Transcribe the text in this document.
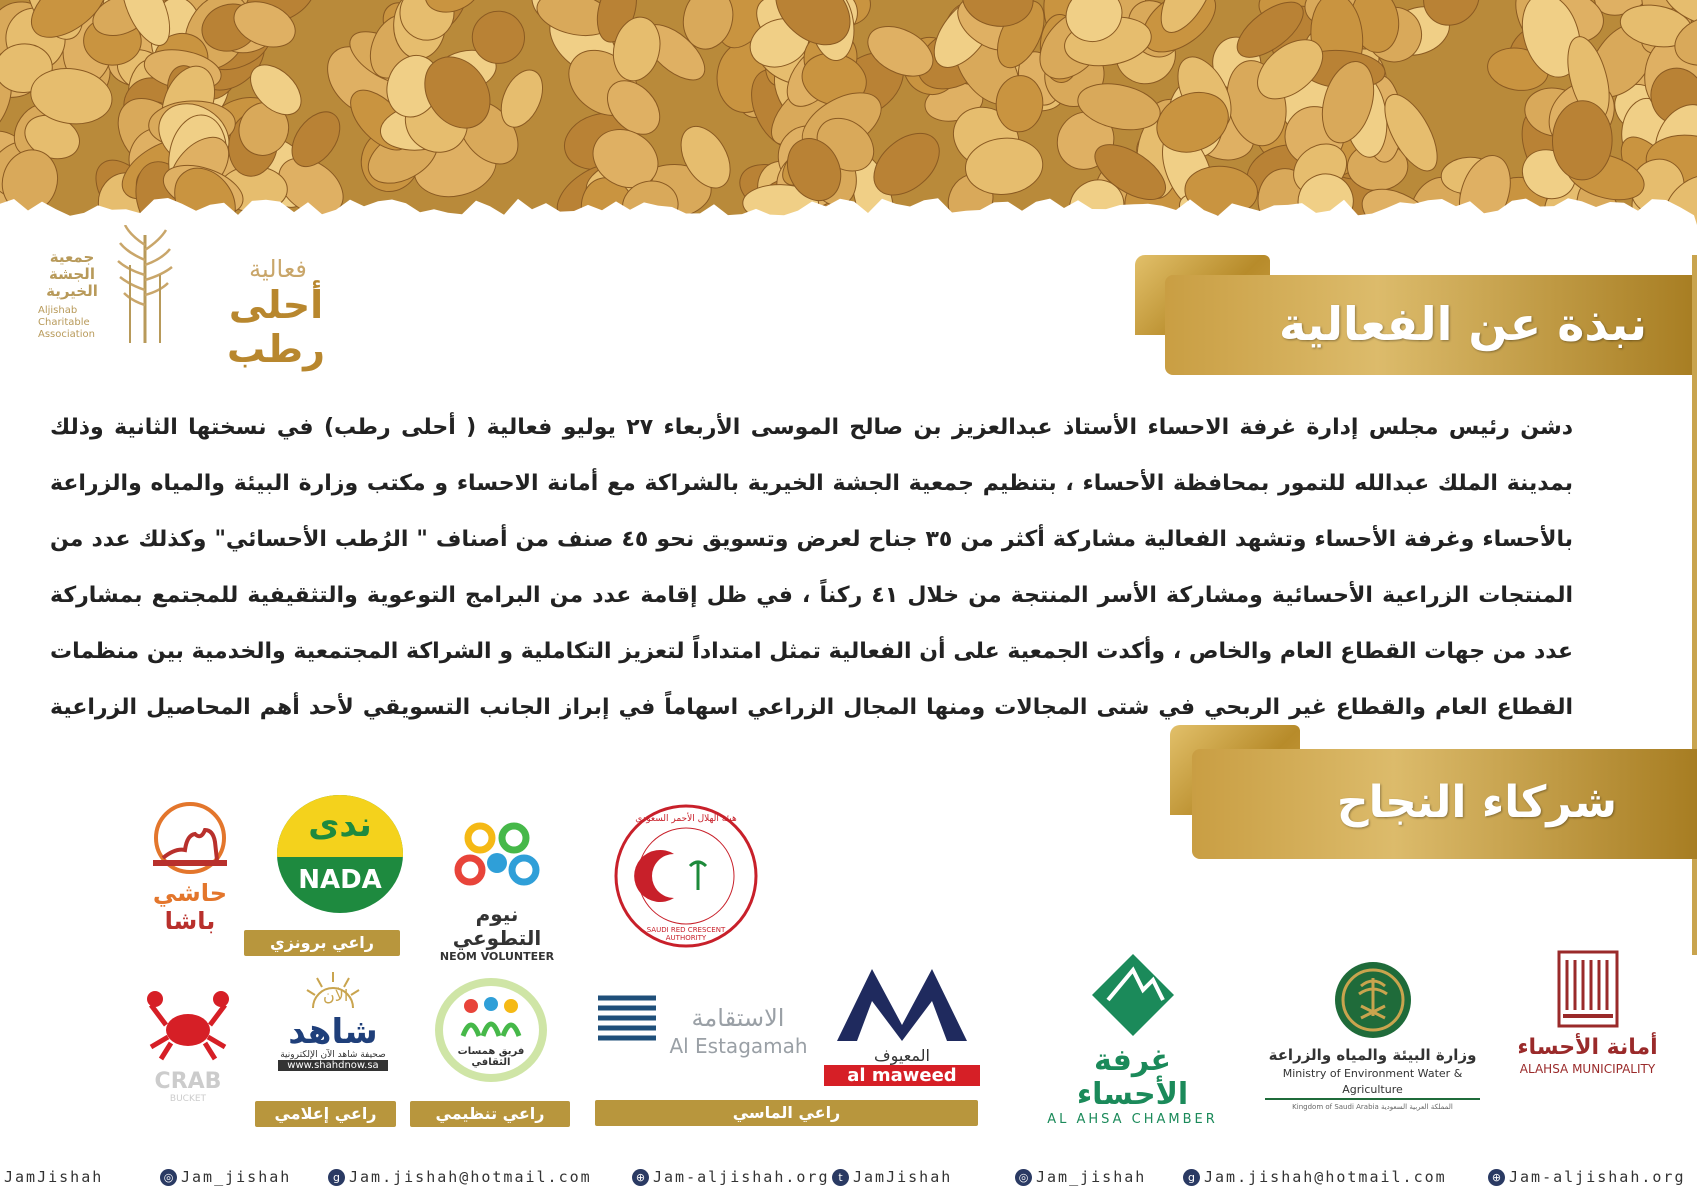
جمعية الجشة الخيرية
Aljishab Charitable Association
فعالية
أحلى رطب	نبذة عن الفعالية
دشن رئيس مجلس إدارة غرفة الاحساء الأستاذ عبدالعزيز بن صالح الموسى الأربعاء ٢٧ يوليو فعالية ( أحلى رطب) في نسختها الثانية وذلك بمدينة الملك عبدالله للتمور بمحافظة الأحساء ، بتنظيم جمعية الجشة الخيرية بالشراكة مع أمانة الاحساء و مكتب وزارة البيئة والمياه والزراعة بالأحساء وغرفة الأحساء وتشهد الفعالية مشاركة أكثر من ٣٥ جناح لعرض وتسويق نحو ٤٥ صنف من أصناف " الرُطب الأحسائي" وكذلك عدد من المنتجات الزراعية الأحسائية ومشاركة الأسر المنتجة من خلال ٤١ ركناً ، في ظل إقامة عدد من البرامج التوعوية والتثقيفية للمجتمع بمشاركة عدد من جهات القطاع العام والخاص ، وأكدت الجمعية على أن الفعالية تمثل امتداداً لتعزيز التكاملية و الشراكة المجتمعية والخدمية بين منظمات القطاع العام والقطاع غير الربحي في شتى المجالات ومنها المجال الزراعي اسهاماً في إبراز الجانب التسويقي لأحد أهم المحاصيل الزراعية
شركاء النجاح
حاشي
باشا
ندى
NADA
راعي برونزي
نيوم التطوعي
NEOM VOLUNTEER
هيئة الهلال الأحمر السعودي
SAUDI RED CRESCENT AUTHORITY
CRAB
BUCKET
الآن
شاهد
صحيفة شاهد الآن الإلكترونية
www.shahdnow.sa
راعي إعلامي
فريق همسات الثقافي
راعي تنظيمي
الاستقامة
Al Estagamah	المعيوف
al maweed
راعي الماسي
غرفة الأحساء
AL AHSA CHAMBER
وزارة البيئة والمياه والزراعة
Ministry of Environment Water & Agriculture
Kingdom of Saudi Arabia المملكة العربية السعودية
أمانة الأحساء
ALAHSA MUNICIPALITY
JamJishah	◎ Jam_jishah	g Jam.jishah@hotmail.com	⊕ Jam-aljishah.org t JamJishah	◎ Jam_jishah	g Jam.jishah@hotmail.com	⊕ Jam-aljishah.org
